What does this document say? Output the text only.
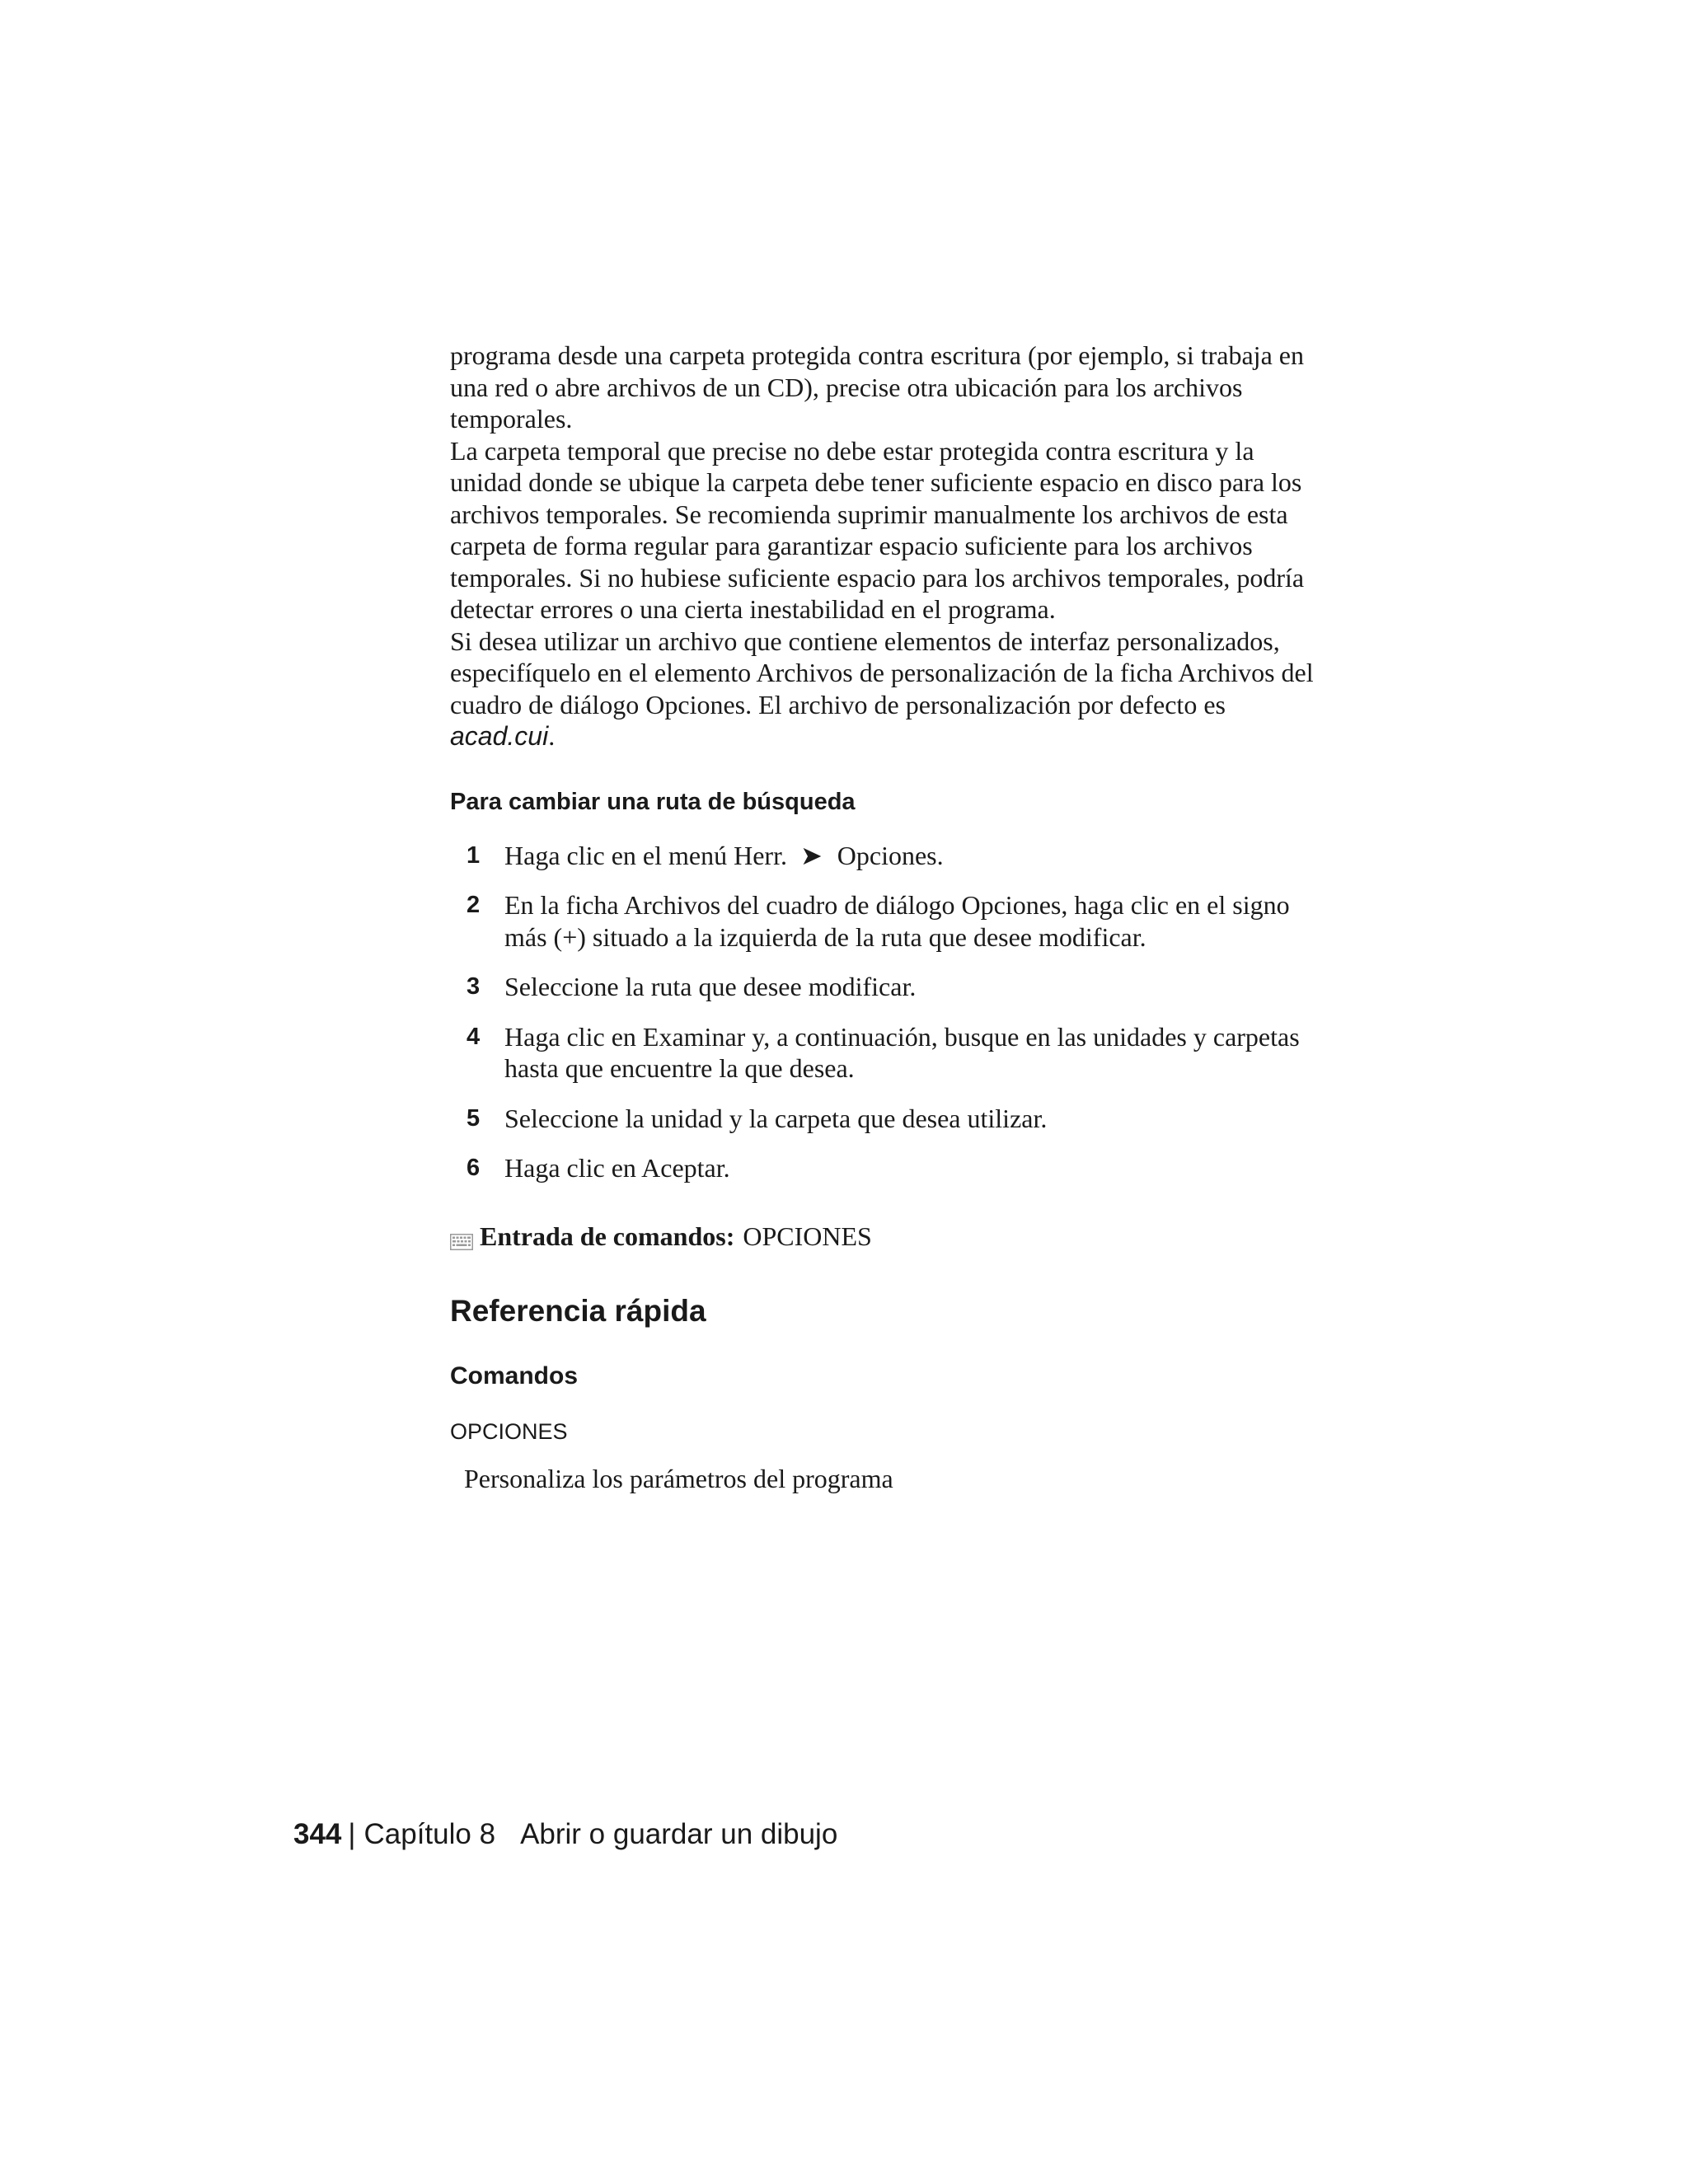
programa desde una carpeta protegida contra escritura (por ejemplo, si trabaja en una red o abre archivos de un CD), precise otra ubicación para los archivos temporales.

La carpeta temporal que precise no debe estar protegida contra escritura y la unidad donde se ubique la carpeta debe tener suficiente espacio en disco para los archivos temporales. Se recomienda suprimir manualmente los archivos de esta carpeta de forma regular para garantizar espacio suficiente para los archivos temporales. Si no hubiese suficiente espacio para los archivos temporales, podría detectar errores o una cierta inestabilidad en el programa.

Si desea utilizar un archivo que contiene elementos de interfaz personalizados, especifíquelo en el elemento Archivos de personalización de la ficha Archivos del cuadro de diálogo Opciones. El archivo de personalización por defecto es acad.cui.

Para cambiar una ruta de búsqueda
1 Haga clic en el menú Herr. ➤ Opciones.
2 En la ficha Archivos del cuadro de diálogo Opciones, haga clic en el signo más (+) situado a la izquierda de la ruta que desee modificar.
3 Seleccione la ruta que desee modificar.
4 Haga clic en Examinar y, a continuación, busque en las unidades y carpetas hasta que encuentre la que desea.
5 Seleccione la unidad y la carpeta que desea utilizar.
6 Haga clic en Aceptar.
Entrada de comandos: OPCIONES
Referencia rápida
Comandos
OPCIONES
Personaliza los parámetros del programa
344 | Capítulo 8 Abrir o guardar un dibujo
